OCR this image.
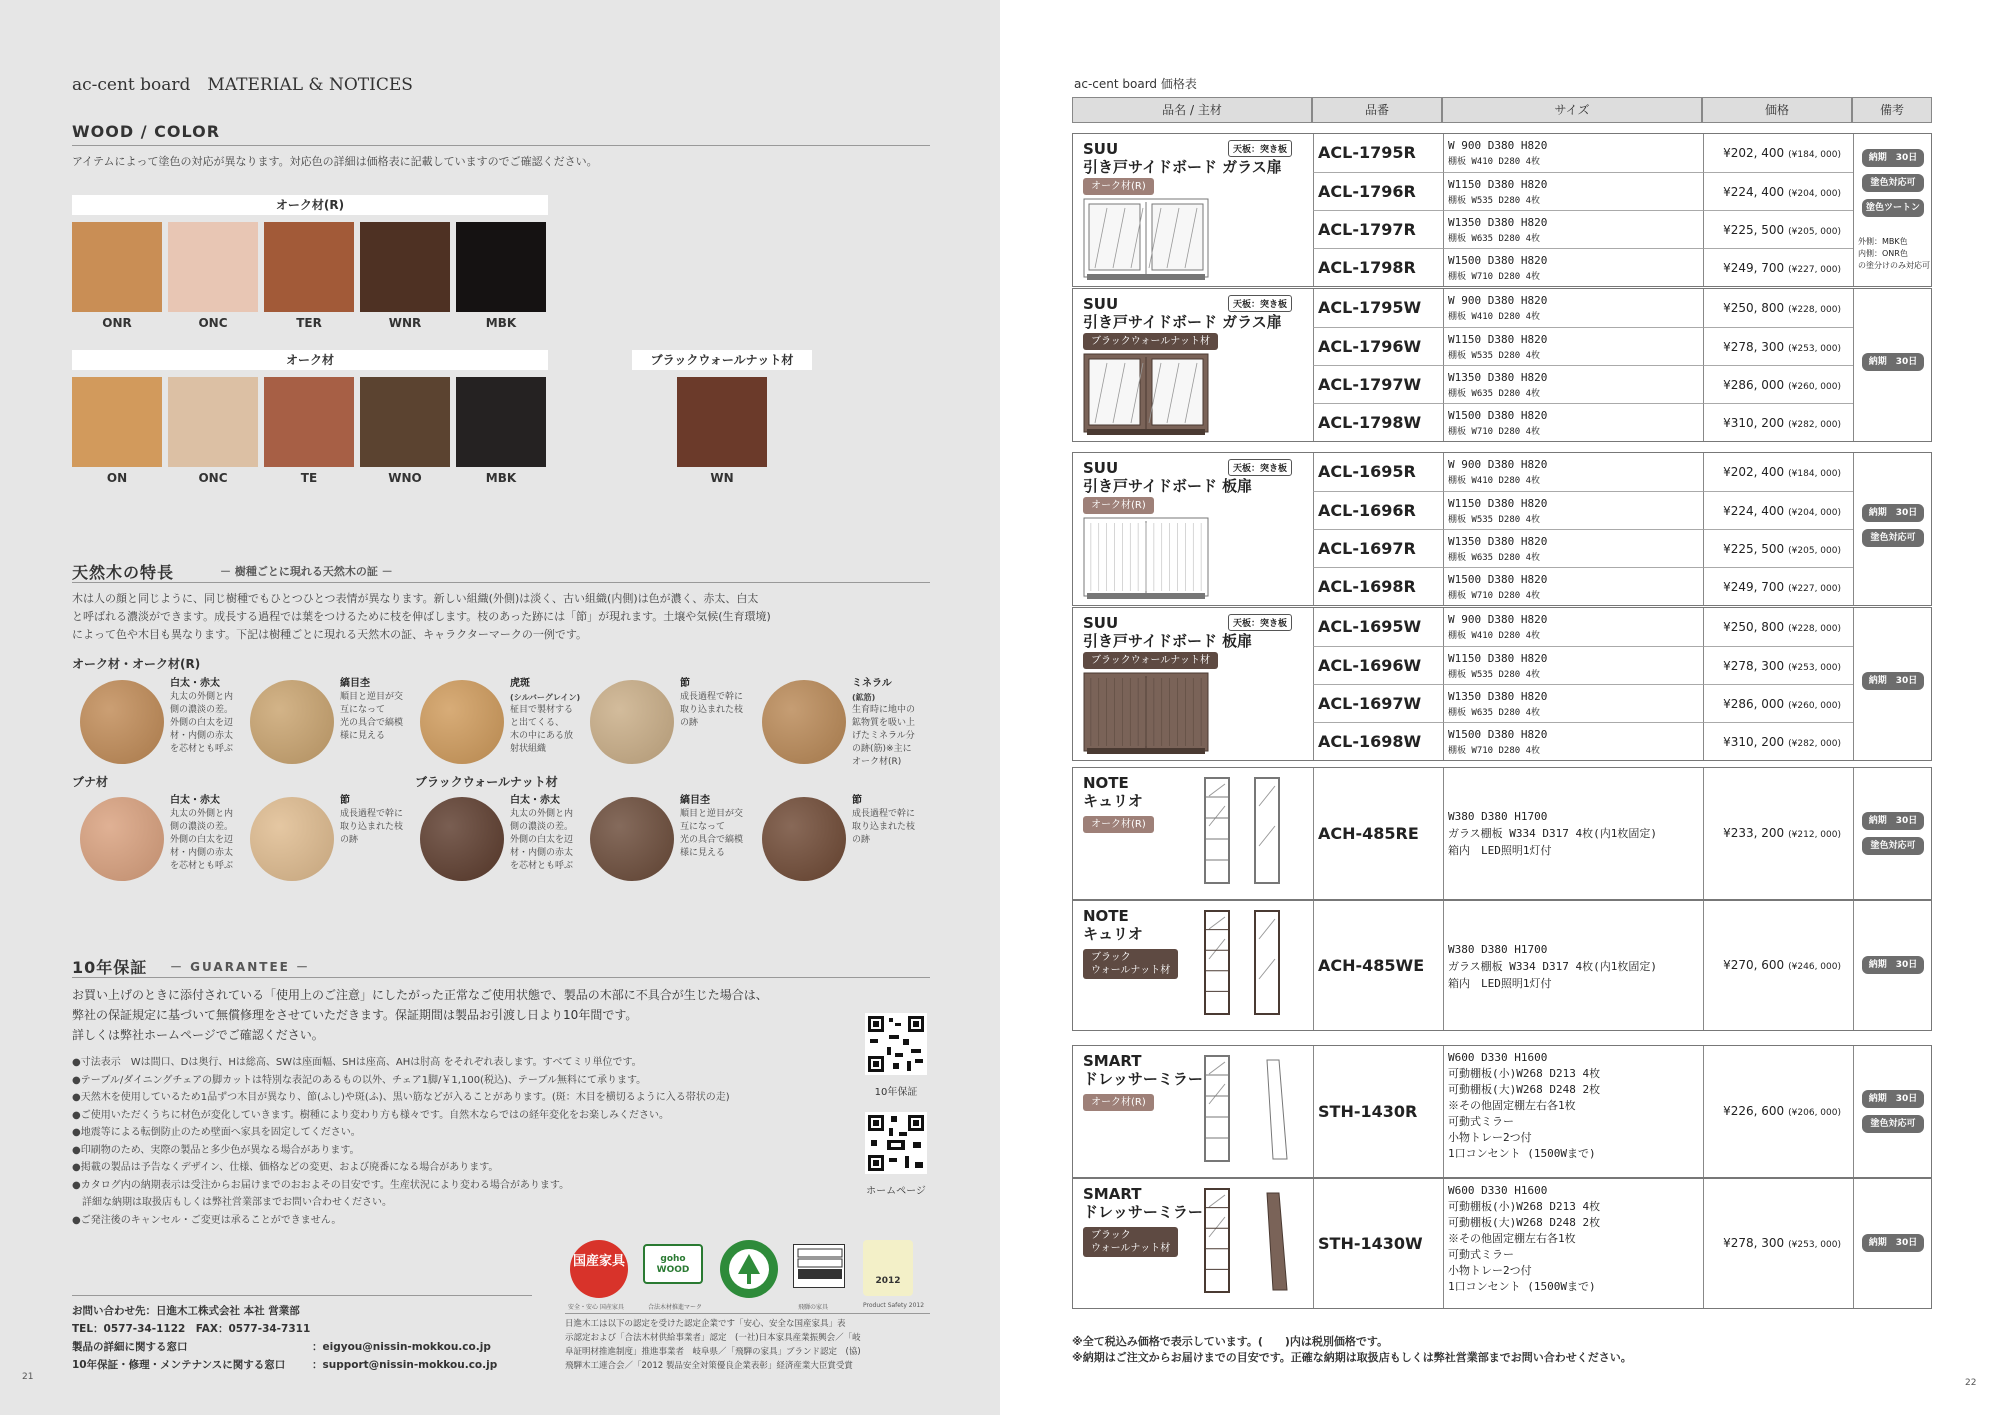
ac-cent board　MATERIAL & NOTICES
WOOD / COLOR
アイテムによって塗色の対応が異なります。対応色の詳細は価格表に記載していますのでご確認ください。
オーク材(R)
ONR	ONC	TER	WNR	MBK
オーク材	ブラックウォールナット材
ON	ONC	TE	WNO	MBK	WN
天然木の特長	－ 樹種ごとに現れる天然木の証 －
木は人の顔と同じように、同じ樹種でもひとつひとつ表情が異なります。新しい組織(外側)は淡く、古い組織(内側)は色が濃く、赤太、白太
と呼ばれる濃淡ができます。成長する過程では葉をつけるために枝を伸ばします。枝のあった跡には「節」が現れます。土壌や気候(生育環境)
によって色や木目も異なります。下記は樹種ごとに現れる天然木の証、キャラクターマークの一例です。
オーク材・オーク材(R)
ブナ材	ブラックウォールナット材
白太・赤太
丸太の外側と内
側の濃淡の差。
外側の白太を辺
材・内側の赤太
を芯材とも呼ぶ
縞目杢
順目と逆目が交
互になって
光の具合で縞模
様に見える
虎斑
(シルバーグレイン)
柾目で製材する
と出てくる、
木の中にある放
射状組織
節
成長過程で幹に
取り込まれた枝
の跡
ミネラル
(鉱筋)
生育時に地中の
鉱物質を吸い上
げたミネラル分
の跡(筋)※主に
オーク材(R)
白太・赤太
丸太の外側と内
側の濃淡の差。
外側の白太を辺
材・内側の赤太
を芯材とも呼ぶ
節
成長過程で幹に
取り込まれた枝
の跡
白太・赤太
丸太の外側と内
側の濃淡の差。
外側の白太を辺
材・内側の赤太
を芯材とも呼ぶ
縞目杢
順目と逆目が交
互になって
光の具合で縞模
様に見える
節
成長過程で幹に
取り込まれた枝
の跡
10年保証 － GUARANTEE －
お買い上げのときに添付されている「使用上のご注意」にしたがった正常なご使用状態で、製品の木部に不具合が生じた場合は、
弊社の保証規定に基づいて無償修理をさせていただきます。保証期間は製品お引渡し日より10年間です。
詳しくは弊社ホームページでご確認ください。
●寸法表示　Wは間口、Dは奥行、Hは総高、SWは座面幅、SHは座高、AHは肘高 をそれぞれ表します。すべてミリ単位です。
●テーブル/ダイニングチェアの脚カットは特別な表記のあるもの以外、チェア1脚/￥1,100(税込)、テーブル無料にて承ります。
●天然木を使用しているため1品ずつ木目が異なり、節(ふし)や斑(ふ)、黒い筋などが入ることがあります。(斑：木目を横切るように入る帯状の走)
●ご使用いただくうちに材色が変化していきます。樹種により変わり方も様々です。自然木ならではの経年変化をお楽しみください。
●地震等による転倒防止のため壁面へ家具を固定してください。
●印刷物のため、実際の製品と多少色が異なる場合があります。
●掲載の製品は予告なくデザイン、仕様、価格などの変更、および廃番になる場合があります。
●カタログ内の納期表示は受注からお届けまでのおおよその目安です。生産状況により変わる場合があります。
　詳細な納期は取扱店もしくは弊社営業部までお問い合わせください。
●ご発注後のキャンセル・ご変更は承ることができません。
10年保証
ホームページ
国産家具	goho WOOD
2012
安全・安心 国産家具	合法木材推進マーク	飛騨の家具	Product Safety 2012
日進木工は以下の認定を受けた認定企業です「安心、安全な国産家具」表
示認定および「合法木材供給事業者」認定　(一社)日本家具産業振興会／「岐
阜証明材推進制度」推進事業者　岐阜県／「飛騨の家具」ブランド認定　(協)
飛騨木工連合会／「2012 製品安全対策優良企業表彰」経済産業大臣賞受賞
お問い合わせ先：日進木工株式会社 本社 営業部
TEL：0577-34-1122　FAX：0577-34-7311
製品の詳細に関する窓口	：eigyou@nissin-mokkou.co.jp
10年保証・修理・メンテナンスに関する窓口	：support@nissin-mokkou.co.jp
21
ac-cent board 価格表
品名 / 主材	品番	サイズ	価格	備考
SUU
引き戸サイドボード ガラス扉
天板：突き板
オーク材(R)
ACL-1795R	W 900 D380 H820
棚板 W410 D280 4枚
¥202, 400 (¥184, 000)
ACL-1796R	W1150 D380 H820
棚板 W535 D280 4枚
¥224, 400 (¥204, 000)
ACL-1797R	W1350 D380 H820
棚板 W635 D280 4枚
¥225, 500 (¥205, 000)
ACL-1798R	W1500 D380 H820
棚板 W710 D280 4枚
¥249, 700 (¥227, 000)
納期　30日
塗色対応可
塗色ツートン対応可
外側：MBK色
内側：ONR色
の塗分けのみ対応可
SUU
引き戸サイドボード ガラス扉
天板：突き板
ブラックウォールナット材
ACL-1795W	W 900 D380 H820
棚板 W410 D280 4枚
¥250, 800 (¥228, 000)
ACL-1796W	W1150 D380 H820
棚板 W535 D280 4枚
¥278, 300 (¥253, 000)
ACL-1797W	W1350 D380 H820
棚板 W635 D280 4枚
¥286, 000 (¥260, 000)
ACL-1798W	W1500 D380 H820
棚板 W710 D280 4枚
¥310, 200 (¥282, 000)
納期　30日
SUU
引き戸サイドボード 板扉
天板：突き板
オーク材(R)
ACL-1695R	W 900 D380 H820
棚板 W410 D280 4枚
¥202, 400 (¥184, 000)
ACL-1696R	W1150 D380 H820
棚板 W535 D280 4枚
¥224, 400 (¥204, 000)
ACL-1697R	W1350 D380 H820
棚板 W635 D280 4枚
¥225, 500 (¥205, 000)
ACL-1698R	W1500 D380 H820
棚板 W710 D280 4枚
¥249, 700 (¥227, 000)
納期　30日
塗色対応可
SUU
引き戸サイドボード 板扉
天板：突き板
ブラックウォールナット材
ACL-1695W	W 900 D380 H820
棚板 W410 D280 4枚
¥250, 800 (¥228, 000)
ACL-1696W	W1150 D380 H820
棚板 W535 D280 4枚
¥278, 300 (¥253, 000)
ACL-1697W	W1350 D380 H820
棚板 W635 D280 4枚
¥286, 000 (¥260, 000)
ACL-1698W	W1500 D380 H820
棚板 W710 D280 4枚
¥310, 200 (¥282, 000)
納期　30日
NOTE
キュリオ
オーク材(R)	ACH-485RE
W380 D380 H1700
ガラス棚板 W334 D317 4枚(内1枚固定)
箱内　LED照明1灯付
¥233, 200 (¥212, 000)
納期　30日
塗色対応可
NOTE
キュリオ
ブラック
ウォールナット材	ACH-485WE
W380 D380 H1700
ガラス棚板 W334 D317 4枚(内1枚固定)
箱内　LED照明1灯付
¥270, 600 (¥246, 000)	納期　30日
SMART
ドレッサーミラー
オーク材(R)	STH-1430R
W600 D330 H1600
可動棚板(小)W268 D213 4枚
可動棚板(大)W268 D248 2枚
※その他固定棚左右各1枚
可動式ミラー
小物トレー2つ付
1口コンセント (1500Wまで)
¥226, 600 (¥206, 000)
納期　30日
塗色対応可
SMART
ドレッサーミラー
ブラック
ウォールナット材	STH-1430W
W600 D330 H1600
可動棚板(小)W268 D213 4枚
可動棚板(大)W268 D248 2枚
※その他固定棚左右各1枚
可動式ミラー
小物トレー2つ付
1口コンセント (1500Wまで)
¥278, 300 (¥253, 000)	納期　30日
※全て税込み価格で表示しています。(　　)内は税別価格です。
※納期はご注文からお届けまでの目安です。正確な納期は取扱店もしくは弊社営業部までお問い合わせください。
22
